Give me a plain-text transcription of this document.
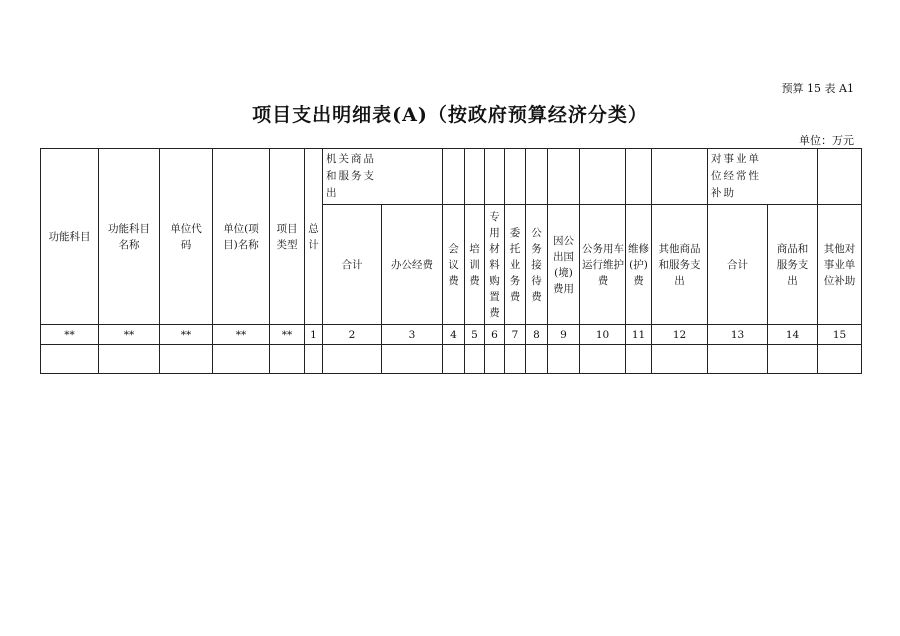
预算 15 表 A1
项目支出明细表(A)（按政府预算经济分类）
单位：万元
功能科目	功能科目名称	单位代码	单位(项目)名称	项目类型	总计	机关商品和服务支出											对事业单位经常性补助		
						合计	办公经费	会议费	培训费	专用材料购置费	委托业务费	公务接待费	因公出国(境)费用	公务用车运行维护费	维修(护)费	其他商品和服务支出	合计	商品和服务支出	其他对事业单位补助
**	**	**	**	**	1	2	3	4	5	6	7	8	9	10	11	12	13	14	15
